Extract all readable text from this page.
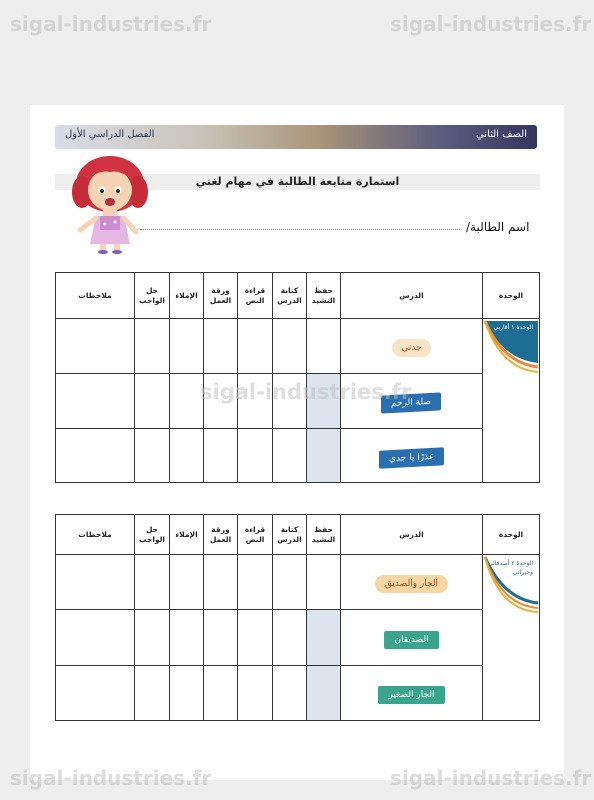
sigal-industries.fr	sigal-industries.fr
sigal-industries.fr	sigal-industries.fr
sigal-industries.fr
الفصل الدراسي الأول	الصف الثاني
استمارة متابعة الطالبة في مهام لغتي
اسم الطالبة/
ملاحظات	حل الواجب	الإملاء	ورقة العمل	قراءة النص	كتابة الدرس	حفظ النشيد	الدرس	الوحدة
							جدتي	الوحدة ١ أقاربي

							صلة الرحم	
							عذرًا يا جدي	
ملاحظات	حل الواجب	الإملاء	ورقة العمل	قراءة النص	كتابة الدرس	حفظ النشيد	الدرس	الوحدة
							الجار والصديق	الوحدة ٢ أصدقائي وجيراني

							الصديقان	
							الجار الصغير	
